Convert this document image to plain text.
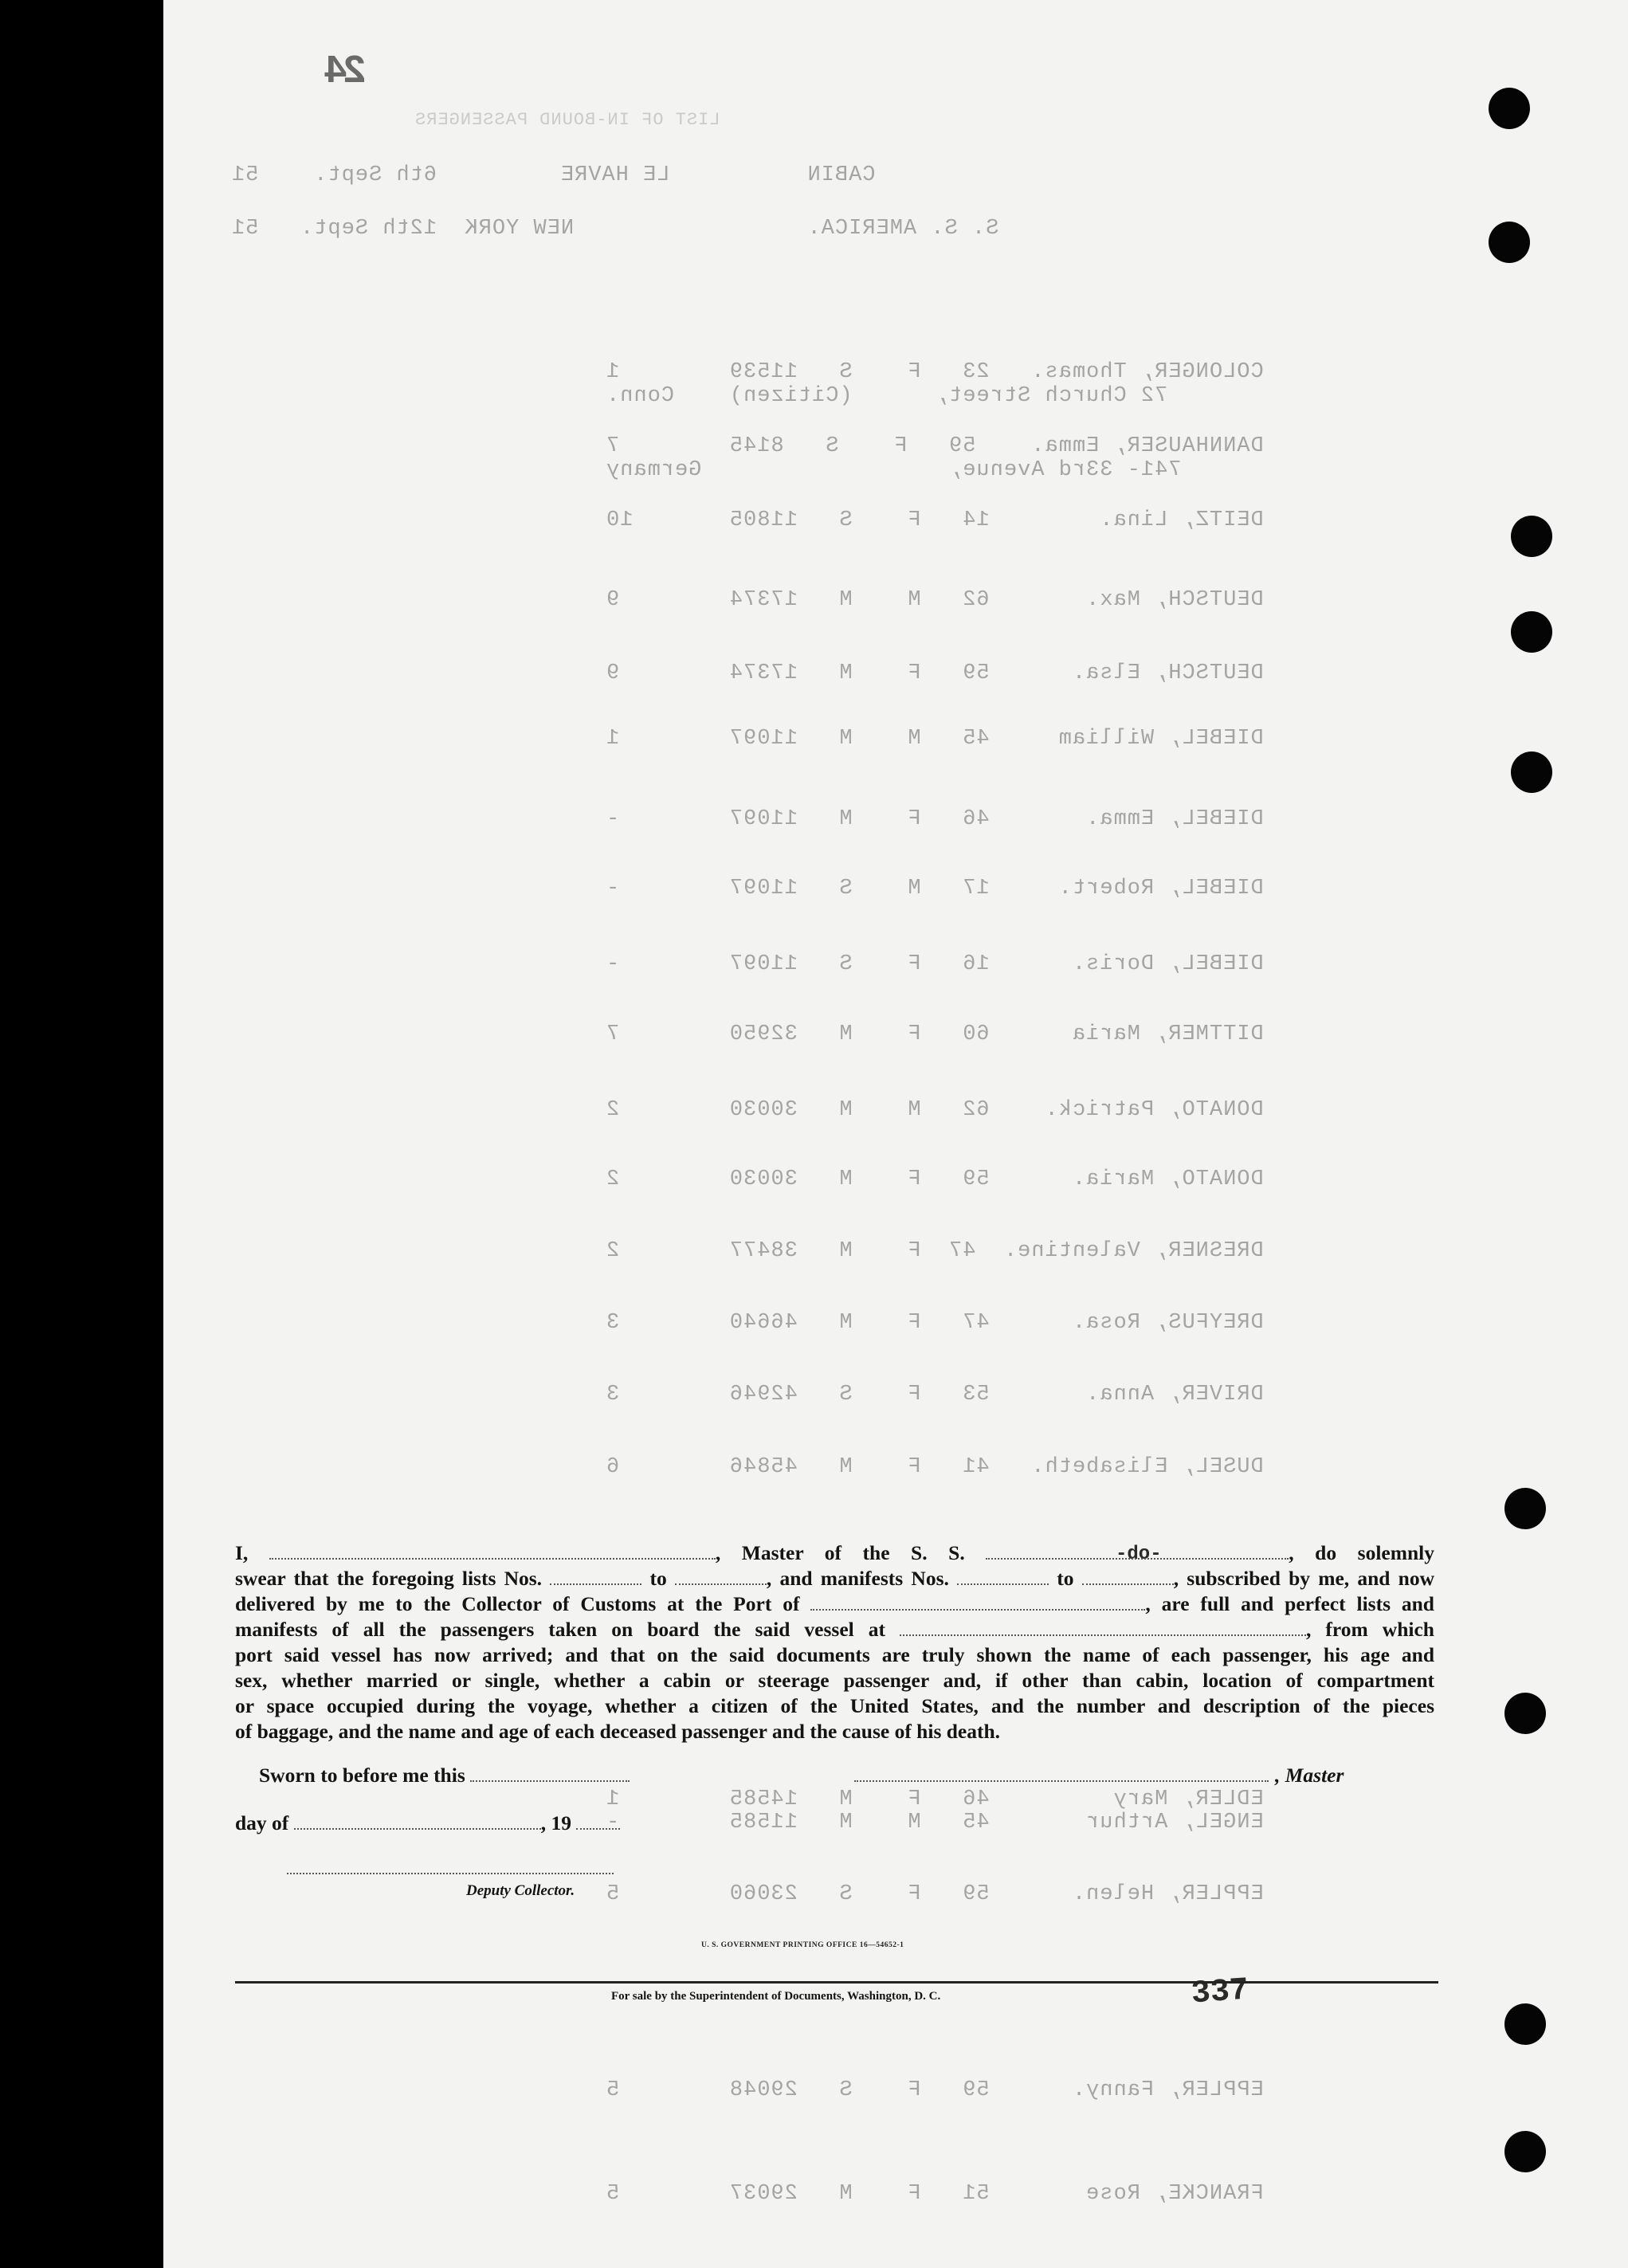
LIST OF IN-BOUND PASSENGERS
CABIN          LE HAVRE         6th Sept.    51
S. S. AMERICA.                 NEW YORK  12th Sept.   51
COLONGER, Thomas.   23   F    S   11539        1
72 Church Street,      (Citizen)    Conn.
DANNHAUSER, Emma.    59   F    S   8145        7
741- 33rd Avenue,                  Germany
DEITZ, Lina.        14   F    S   11805       10
DEUTSCH, Max.       62   M    M   17374        9
DEUTSCH, Elsa.      59   F    M   17374        9
DIEBEL, William     45   M    M   11097        1
DIEBEL, Emma.       46   F    M   11097        -
DIEBEL, Robert.     17   M    S   11097        -
DIEBEL, Doris.      16   F    S   11097        -
DITTMER, Maria      60   F    M   32950        7
DONATO, Patrick.    62   M    M   30030        2
DONATO, Maria.      59   F    M   30030        2
DRESNER, Valentine.  47  F    M   38477        2
DREYFUS, Rosa.      47   F    M   46640        3
DRIVER, Anna.       53   F    S   42946        3
DUSEL, Elisabeth.   41   F    M   45846        6
EDLER, Mary         46   F    M   14585        1
ENGEL, Arthur       45   M    M   11585        -
EPPLER, Helen.      59   F    S   23060        5
EPPLER, Fanny.      59   F    S   29048        5
FRANCKE, Rose       51   F    M   29037        5
24
337
-do-

I,	, Master of the S. S.	, do solemnly

swear that the foregoing lists Nos.	to	, and manifests Nos.	to	, subscribed by me, and now

delivered by me to the Collector of Customs at the Port of	, are full and perfect lists and

manifests of all the passengers taken on board the said vessel at	, from which

port said vessel has now arrived; and that on the said documents are truly shown the name of each passenger, his age and

sex, whether married or single, whether a cabin or steerage passenger and, if other than cabin, location of compartment

or space occupied during the voyage, whether a citizen of the United States, and the number and description of the pieces

of baggage, and the name and age of each deceased passenger and the cause of his death.

Sworn to before me this	, Master
day of	, 19
Deputy Collector.
U. S. GOVERNMENT PRINTING OFFICE 16—54652-1
For sale by the Superintendent of Documents, Washington, D. C.
